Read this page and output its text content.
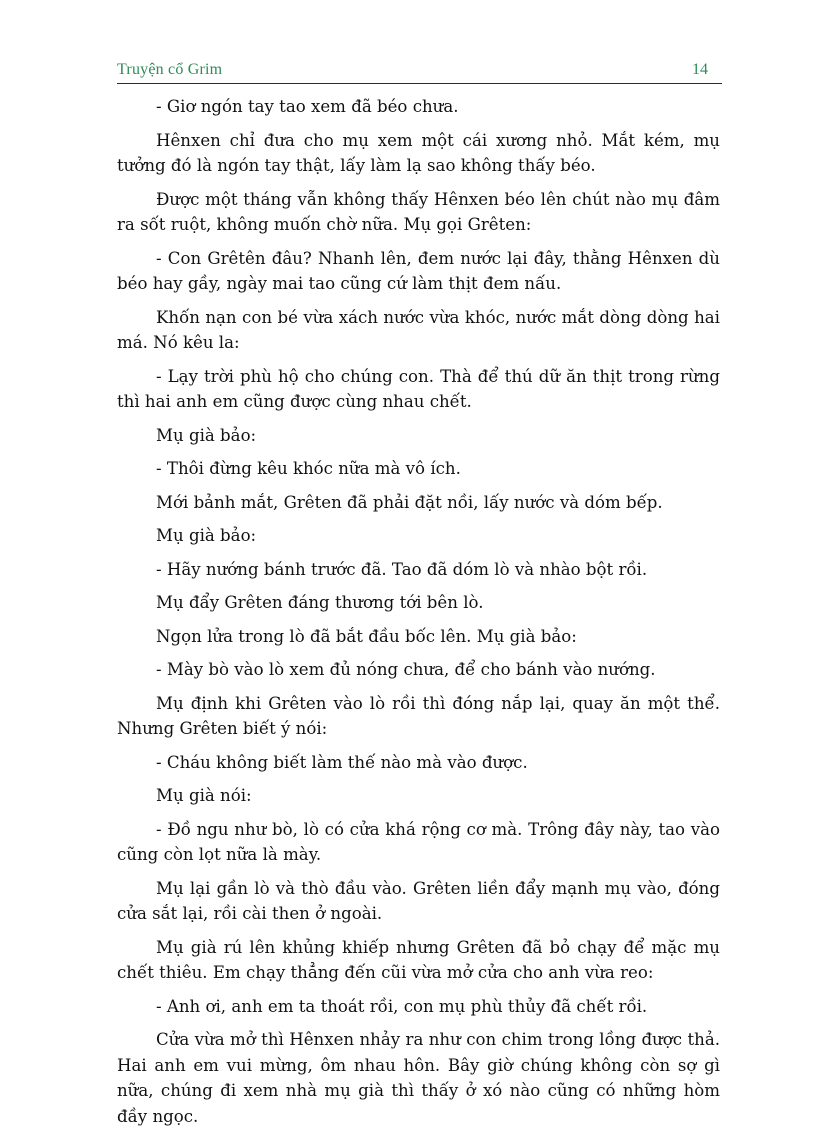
Truyện cổ Grim	14

- Giơ ngón tay tao xem đã béo chưa.

Hênxen chỉ đưa cho mụ xem một cái xương nhỏ. Mắt kém, mụ tưởng đó là ngón tay thật, lấy làm lạ sao không thấy béo.

Được một tháng vẫn không thấy Hênxen béo lên chút nào mụ đâm ra sốt ruột, không muốn chờ nữa. Mụ gọi Grêten:

- Con Grêtên đâu? Nhanh lên, đem nước lại đây, thằng Hênxen dù béo hay gầy, ngày mai tao cũng cứ làm thịt đem nấu.

Khốn nạn con bé vừa xách nước vừa khóc, nước mắt dòng dòng hai má. Nó kêu la:

- Lạy trời phù hộ cho chúng con. Thà để thú dữ ăn thịt trong rừng thì hai anh em cũng được cùng nhau chết.

Mụ già bảo:

- Thôi đừng kêu khóc nữa mà vô ích.

Mới bảnh mắt, Grêten đã phải đặt nồi, lấy nước và dóm bếp.

Mụ già bảo:

- Hãy nướng bánh trước đã. Tao đã dóm lò và nhào bột rồi.

Mụ đẩy Grêten đáng thương tới bên lò.

Ngọn lửa trong lò đã bắt đầu bốc lên. Mụ già bảo:

- Mày bò vào lò xem đủ nóng chưa, để cho bánh vào nướng.

Mụ định khi Grêten vào lò rồi thì đóng nắp lại, quay ăn một thể. Nhưng Grêten biết ý nói:

- Cháu không biết làm thế nào mà vào được.

Mụ già nói:

- Đồ ngu như bò, lò có cửa khá rộng cơ mà. Trông đây này, tao vào cũng còn lọt nữa là mày.

Mụ lại gần lò và thò đầu vào. Grêten liền đẩy mạnh mụ vào, đóng cửa sắt lại, rồi cài then ở ngoài.

Mụ già rú lên khủng khiếp nhưng Grêten đã bỏ chạy để mặc mụ chết thiêu. Em chạy thẳng đến cũi vừa mở cửa cho anh vừa reo:

- Anh ơi, anh em ta thoát rồi, con mụ phù thủy đã chết rồi.

Cửa vừa mở thì Hênxen nhảy ra như con chim trong lồng được thả. Hai anh em vui mừng, ôm nhau hôn. Bây giờ chúng không còn sợ gì nữa, chúng đi xem nhà mụ già thì thấy ở xó nào cũng có những hòm đầy ngọc.
